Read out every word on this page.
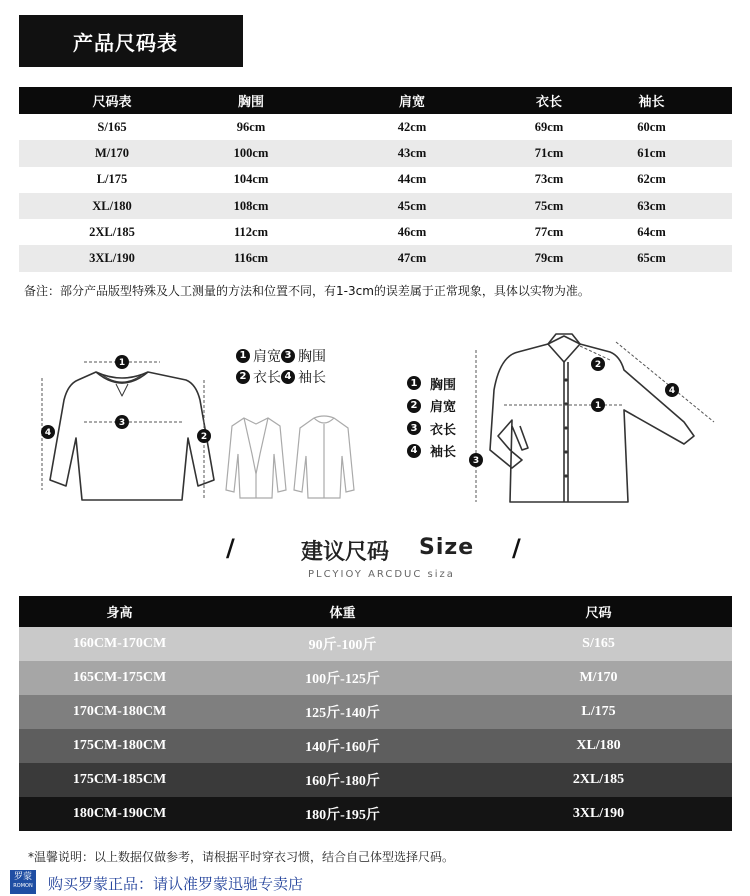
产品尺码表
尺码表	胸围	肩宽	衣长	袖长
S/165	96cm	42cm	69cm	60cm
M/170	100cm	43cm	71cm	61cm
L/175	104cm	44cm	73cm	62cm
XL/180	108cm	45cm	75cm	63cm
2XL/185	112cm	46cm	77cm	64cm
3XL/190	116cm	47cm	79cm	65cm
备注：部分产品版型特殊及人工测量的方法和位置不同，有1-3cm的误差属于正常现象，具体以实物为准。
1
3
2
4
1 肩宽 3 胸围
2 衣长 4 袖长	1 胸围
2 肩宽
3 衣长
4 袖长
1
2
3
4
/	建议尺码 Size /
PLCYIOY ARCDUC siza
身高	体重	尺码
160CM-170CM	90斤-100斤	S/165
165CM-175CM	100斤-125斤	M/170
170CM-180CM	125斤-140斤	L/175
175CM-180CM	140斤-160斤	XL/180
175CM-185CM	160斤-180斤	2XL/185
180CM-190CM	180斤-195斤	3XL/190
*温馨说明：以上数据仅做参考，请根据平时穿衣习惯，结合自己体型选择尺码。
罗蒙
ROMON 购买罗蒙正品：请认准罗蒙迅驰专卖店
